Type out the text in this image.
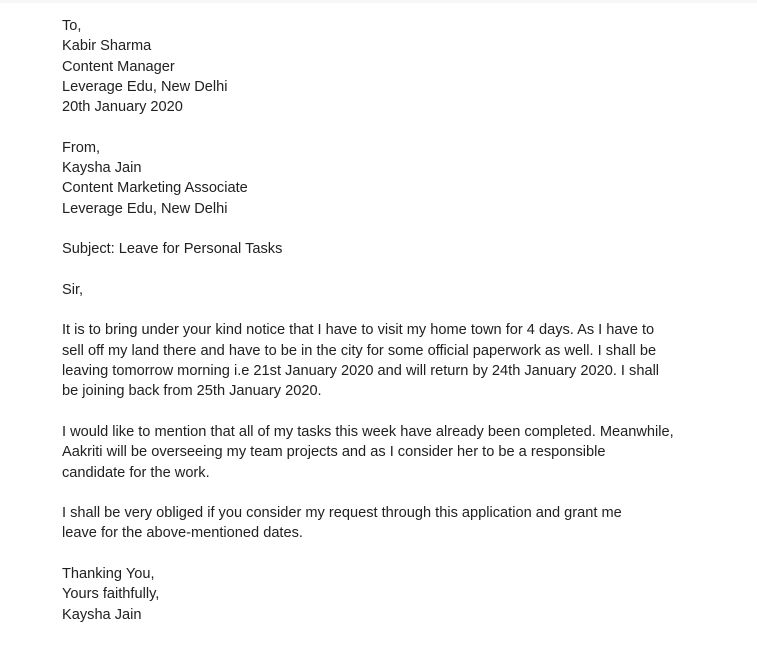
To,
Kabir Sharma
Content Manager
Leverage Edu, New Delhi
20th January 2020
From,
Kaysha Jain
Content Marketing Associate
Leverage Edu, New Delhi
Subject: Leave for Personal Tasks
Sir,
It is to bring under your kind notice that I have to visit my home town for 4 days. As I have to
sell off my land there and have to be in the city for some official paperwork as well. I shall be
leaving tomorrow morning i.e 21st January 2020 and will return by 24th January 2020. I shall
be joining back from 25th January 2020.
I would like to mention that all of my tasks this week have already been completed. Meanwhile,
Aakriti will be overseeing my team projects and as I consider her to be a responsible
candidate for the work.
I shall be very obliged if you consider my request through this application and grant me
leave for the above-mentioned dates.
Thanking You,
Yours faithfully,
Kaysha Jain
